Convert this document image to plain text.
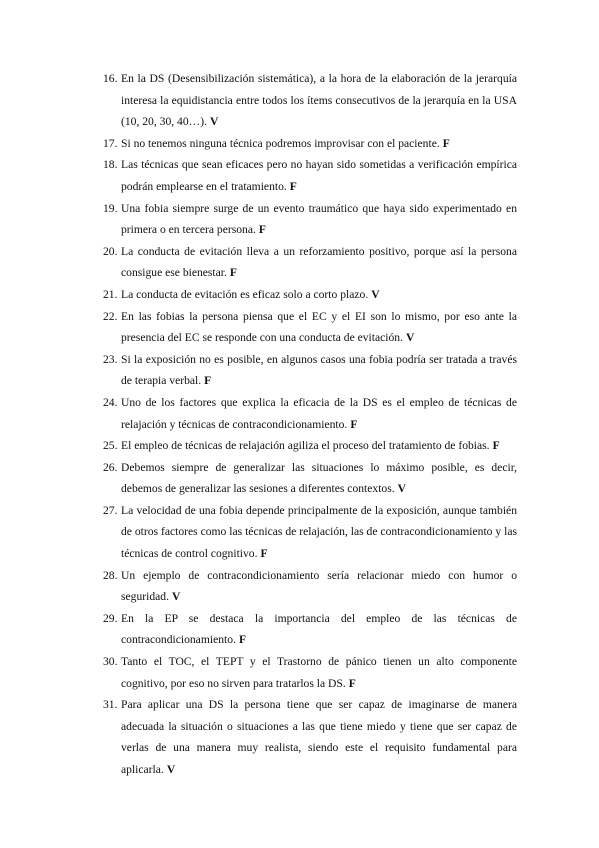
16. En la DS (Desensibilización sistemática), a la hora de la elaboración de la jerarquía interesa la equidistancia entre todos los ítems consecutivos de la jerarquía en la USA (10, 20, 30, 40…). V
17. Si no tenemos ninguna técnica podremos improvisar con el paciente. F
18. Las técnicas que sean eficaces pero no hayan sido sometidas a verificación empírica podrán emplearse en el tratamiento. F
19. Una fobia siempre surge de un evento traumático que haya sido experimentado en primera o en tercera persona. F
20. La conducta de evitación lleva a un reforzamiento positivo, porque así la persona consigue ese bienestar. F
21. La conducta de evitación es eficaz solo a corto plazo. V
22. En las fobias la persona piensa que el EC y el EI son lo mismo, por eso ante la presencia del EC se responde con una conducta de evitación. V
23. Si la exposición no es posible, en algunos casos una fobia podría ser tratada a través de terapia verbal. F
24. Uno de los factores que explica la eficacia de la DS es el empleo de técnicas de relajación y técnicas de contracondicionamiento. F
25. El empleo de técnicas de relajación agiliza el proceso del tratamiento de fobias. F
26. Debemos siempre de generalizar las situaciones lo máximo posible, es decir, debemos de generalizar las sesiones a diferentes contextos. V
27. La velocidad de una fobia depende principalmente de la exposición, aunque también de otros factores como las técnicas de relajación, las de contracondicionamiento y las técnicas de control cognitivo. F
28. Un ejemplo de contracondicionamiento sería relacionar miedo con humor o seguridad. V
29. En la EP se destaca la importancia del empleo de las técnicas de contracondicionamiento. F
30. Tanto el TOC, el TEPT y el Trastorno de pánico tienen un alto componente cognitivo, por eso no sirven para tratarlos la DS. F
31. Para aplicar una DS la persona tiene que ser capaz de imaginarse de manera adecuada la situación o situaciones a las que tiene miedo y tiene que ser capaz de verlas de una manera muy realista, siendo este el requisito fundamental para aplicarla. V
